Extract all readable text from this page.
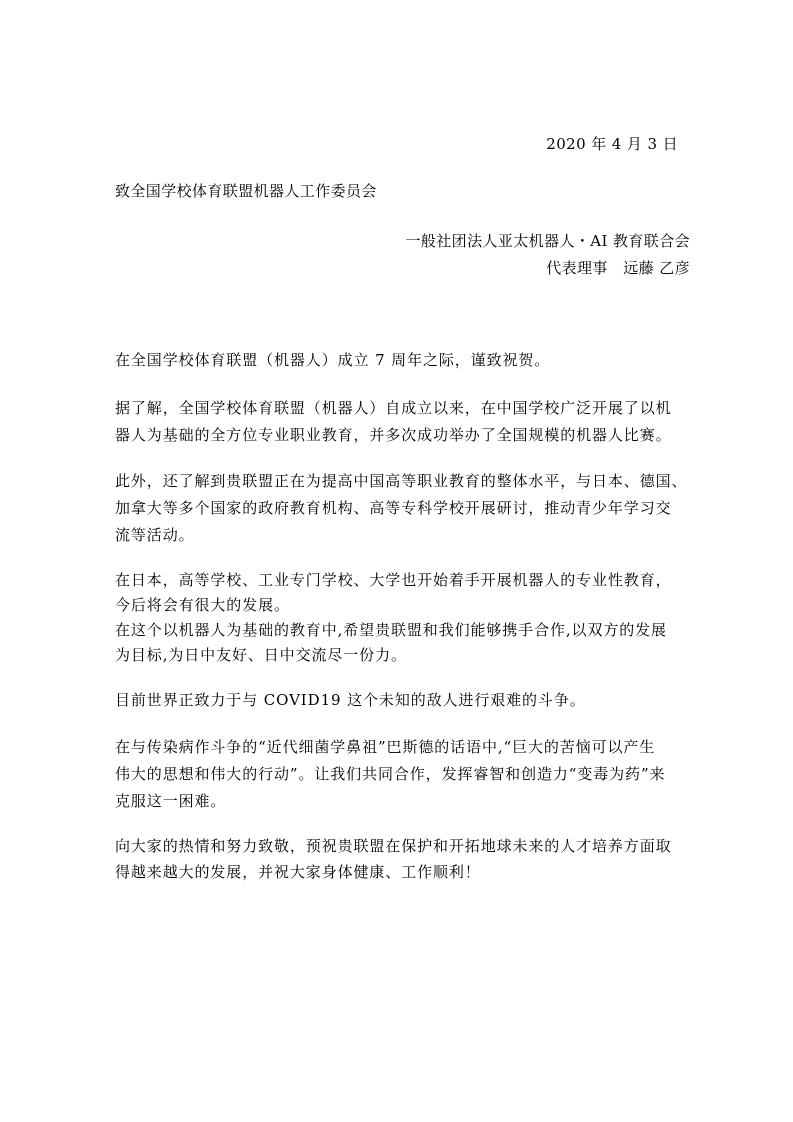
2020 年 4 月 3 日
致全国学校体育联盟机器人工作委员会
一般社团法人亚太机器人・AI 教育联合会
代表理事　远藤 乙彦
在全国学校体育联盟（机器人）成立 7 周年之际，谨致祝贺。
据了解，全国学校体育联盟（机器人）自成立以来，在中国学校广泛开展了以机
器人为基础的全方位专业职业教育，并多次成功举办了全国规模的机器人比赛。
此外，还了解到贵联盟正在为提高中国高等职业教育的整体水平，与日本、德国、
加拿大等多个国家的政府教育机构、高等专科学校开展研讨，推动青少年学习交
流等活动。
在日本，高等学校、工业专门学校、大学也开始着手开展机器人的专业性教育，
今后将会有很大的发展。
在这个以机器人为基础的教育中,希望贵联盟和我们能够携手合作,以双方的发展
为目标,为日中友好、日中交流尽一份力。
目前世界正致力于与 COVID19 这个未知的敌人进行艰难的斗争。
在与传染病作斗争的“近代细菌学鼻祖”巴斯德的话语中,“巨大的苦恼可以产生
伟大的思想和伟大的行动”。让我们共同合作，发挥睿智和创造力“变毒为药”来
克服这一困难。
向大家的热情和努力致敬，预祝贵联盟在保护和开拓地球未来的人才培养方面取
得越来越大的发展，并祝大家身体健康、工作顺利！
